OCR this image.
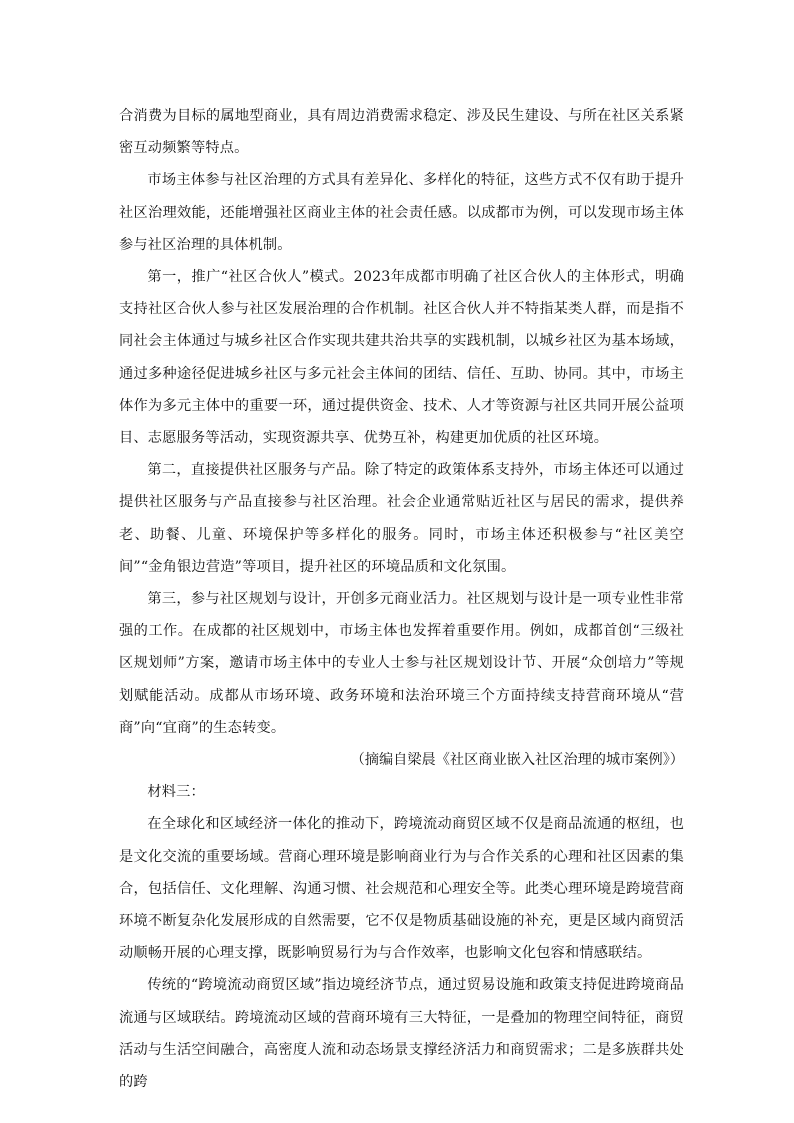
合消费为目标的属地型商业，具有周边消费需求稳定、涉及民生建设、与所在社区关系紧密互动频繁等特点。

市场主体参与社区治理的方式具有差异化、多样化的特征，这些方式不仅有助于提升社区治理效能，还能增强社区商业主体的社会责任感。以成都市为例，可以发现市场主体参与社区治理的具体机制。

第一，推广“社区合伙人”模式。2023年成都市明确了社区合伙人的主体形式，明确支持社区合伙人参与社区发展治理的合作机制。社区合伙人并不特指某类人群，而是指不同社会主体通过与城乡社区合作实现共建共治共享的实践机制，以城乡社区为基本场域，通过多种途径促进城乡社区与多元社会主体间的团结、信任、互助、协同。其中，市场主体作为多元主体中的重要一环，通过提供资金、技术、人才等资源与社区共同开展公益项目、志愿服务等活动，实现资源共享、优势互补，构建更加优质的社区环境。

第二，直接提供社区服务与产品。除了特定的政策体系支持外，市场主体还可以通过提供社区服务与产品直接参与社区治理。社会企业通常贴近社区与居民的需求，提供养老、助餐、儿童、环境保护等多样化的服务。同时，市场主体还积极参与“社区美空间”“金角银边营造”等项目，提升社区的环境品质和文化氛围。

第三，参与社区规划与设计，开创多元商业活力。社区规划与设计是一项专业性非常强的工作。在成都的社区规划中，市场主体也发挥着重要作用。例如，成都首创“三级社区规划师”方案，邀请市场主体中的专业人士参与社区规划设计节、开展“众创培力”等规划赋能活动。成都从市场环境、政务环境和法治环境三个方面持续支持营商环境从“营商”向“宜商”的生态转变。

（摘编自梁晨《社区商业嵌入社区治理的城市案例》）

材料三：

在全球化和区域经济一体化的推动下，跨境流动商贸区域不仅是商品流通的枢纽，也是文化交流的重要场域。营商心理环境是影响商业行为与合作关系的心理和社区因素的集合，包括信任、文化理解、沟通习惯、社会规范和心理安全等。此类心理环境是跨境营商环境不断复杂化发展形成的自然需要，它不仅是物质基础设施的补充，更是区域内商贸活动顺畅开展的心理支撑，既影响贸易行为与合作效率，也影响文化包容和情感联结。

传统的“跨境流动商贸区域”指边境经济节点，通过贸易设施和政策支持促进跨境商品流通与区域联结。跨境流动区域的营商环境有三大特征，一是叠加的物理空间特征，商贸活动与生活空间融合，高密度人流和动态场景支撑经济活力和商贸需求；二是多族群共处的跨
